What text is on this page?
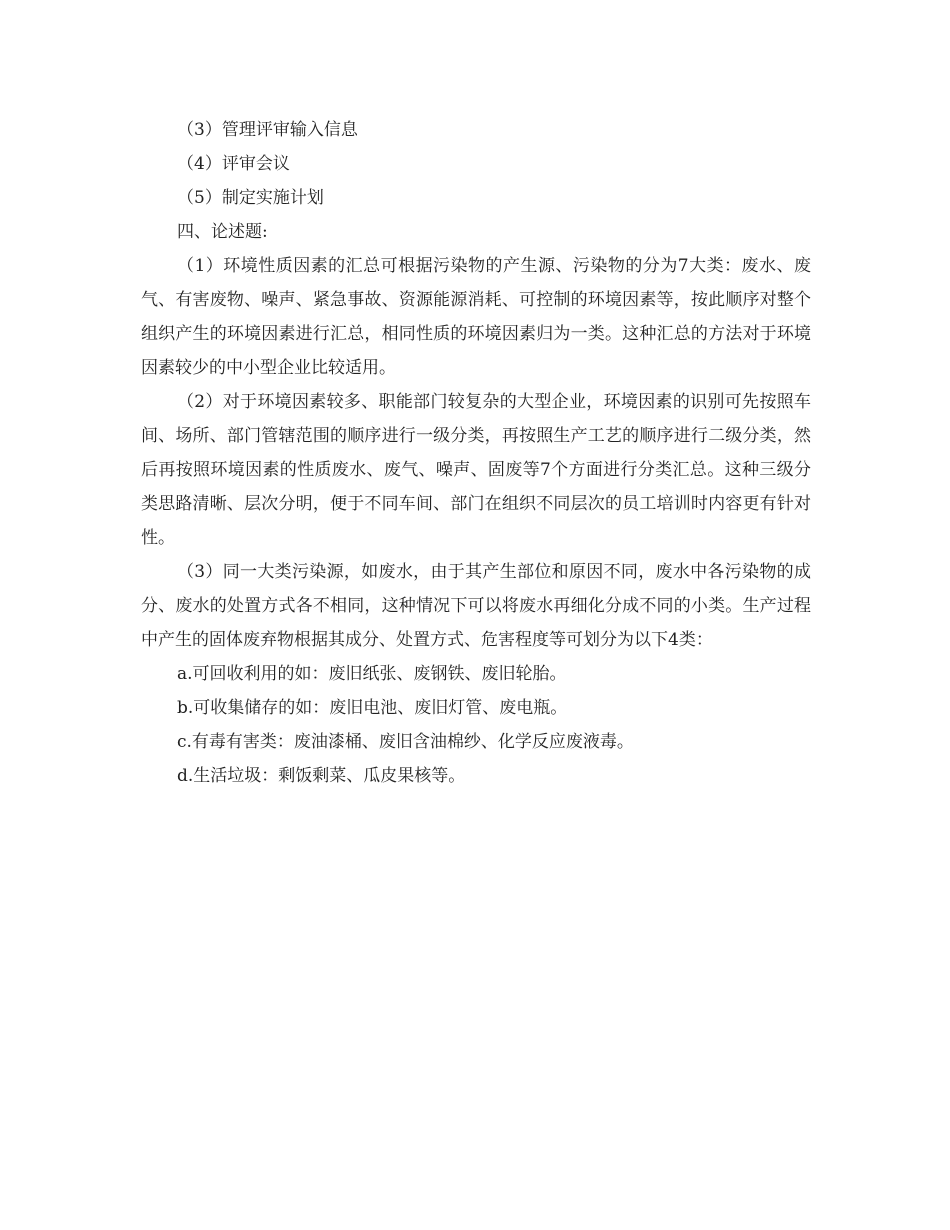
（3）管理评审输入信息

（4）评审会议

（5）制定实施计划

四、论述题:

（1）环境性质因素的汇总可根据污染物的产生源、污染物的分为7大类：废水、废气、有害废物、噪声、紧急事故、资源能源消耗、可控制的环境因素等，按此顺序对整个组织产生的环境因素进行汇总，相同性质的环境因素归为一类。这种汇总的方法对于环境因素较少的中小型企业比较适用。

（2）对于环境因素较多、职能部门较复杂的大型企业，环境因素的识别可先按照车间、场所、部门管辖范围的顺序进行一级分类，再按照生产工艺的顺序进行二级分类，然后再按照环境因素的性质废水、废气、噪声、固废等7个方面进行分类汇总。这种三级分类思路清晰、层次分明，便于不同车间、部门在组织不同层次的员工培训时内容更有针对性。

（3）同一大类污染源，如废水，由于其产生部位和原因不同，废水中各污染物的成分、废水的处置方式各不相同，这种情况下可以将废水再细化分成不同的小类。生产过程中产生的固体废弃物根据其成分、处置方式、危害程度等可划分为以下4类：

a.可回收利用的如：废旧纸张、废钢铁、废旧轮胎。

b.可收集储存的如：废旧电池、废旧灯管、废电瓶。

c.有毒有害类：废油漆桶、废旧含油棉纱、化学反应废液毒。

d.生活垃圾：剩饭剩菜、瓜皮果核等。
